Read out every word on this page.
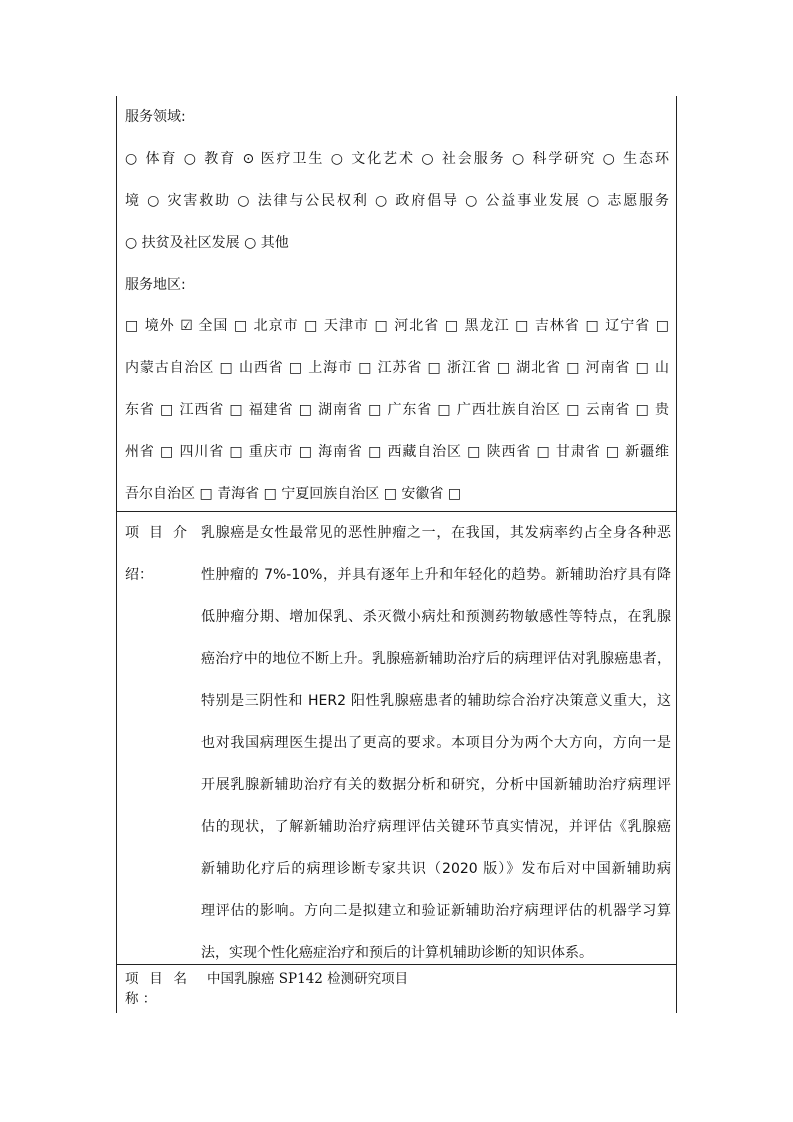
服务领域:
○ 体育 ○ 教育 ⊙ 医疗卫生 ○ 文化艺术 ○ 社会服务 ○ 科学研究 ○ 生态环
境 ○ 灾害救助 ○ 法律与公民权利 ○ 政府倡导 ○ 公益事业发展 ○ 志愿服务
○ 扶贫及社区发展 ○ 其他
服务地区:
□ 境外 ☑ 全国 □ 北京市 □ 天津市 □ 河北省 □ 黑龙江 □ 吉林省 □ 辽宁省 □
内蒙古自治区 □ 山西省 □ 上海市 □ 江苏省 □ 浙江省 □ 湖北省 □ 河南省 □ 山
东省 □ 江西省 □ 福建省 □ 湖南省 □ 广东省 □ 广西壮族自治区 □ 云南省 □ 贵
州省 □ 四川省 □ 重庆市 □ 海南省 □ 西藏自治区 □ 陕西省 □ 甘肃省 □ 新疆维
吾尔自治区 □ 青海省 □ 宁夏回族自治区 □ 安徽省 □
项 目 介
绍：
乳腺癌是女性最常见的恶性肿瘤之一，在我国，其发病率约占全身各种恶
性肿瘤的 7%-10%，并具有逐年上升和年轻化的趋势。新辅助治疗具有降
低肿瘤分期、增加保乳、杀灭微小病灶和预测药物敏感性等特点，在乳腺
癌治疗中的地位不断上升。乳腺癌新辅助治疗后的病理评估对乳腺癌患者，
特别是三阴性和 HER2 阳性乳腺癌患者的辅助综合治疗决策意义重大，这
也对我国病理医生提出了更高的要求。本项目分为两个大方向，方向一是
开展乳腺新辅助治疗有关的数据分析和研究，分析中国新辅助治疗病理评
估的现状，了解新辅助治疗病理评估关键环节真实情况，并评估《乳腺癌
新辅助化疗后的病理诊断专家共识（2020 版）》发布后对中国新辅助病
理评估的影响。方向二是拟建立和验证新辅助治疗病理评估的机器学习算
法，实现个性化癌症治疗和预后的计算机辅助诊断的知识体系。
项 目 名
称 ：
中国乳腺癌 SP142 检测研究项目
